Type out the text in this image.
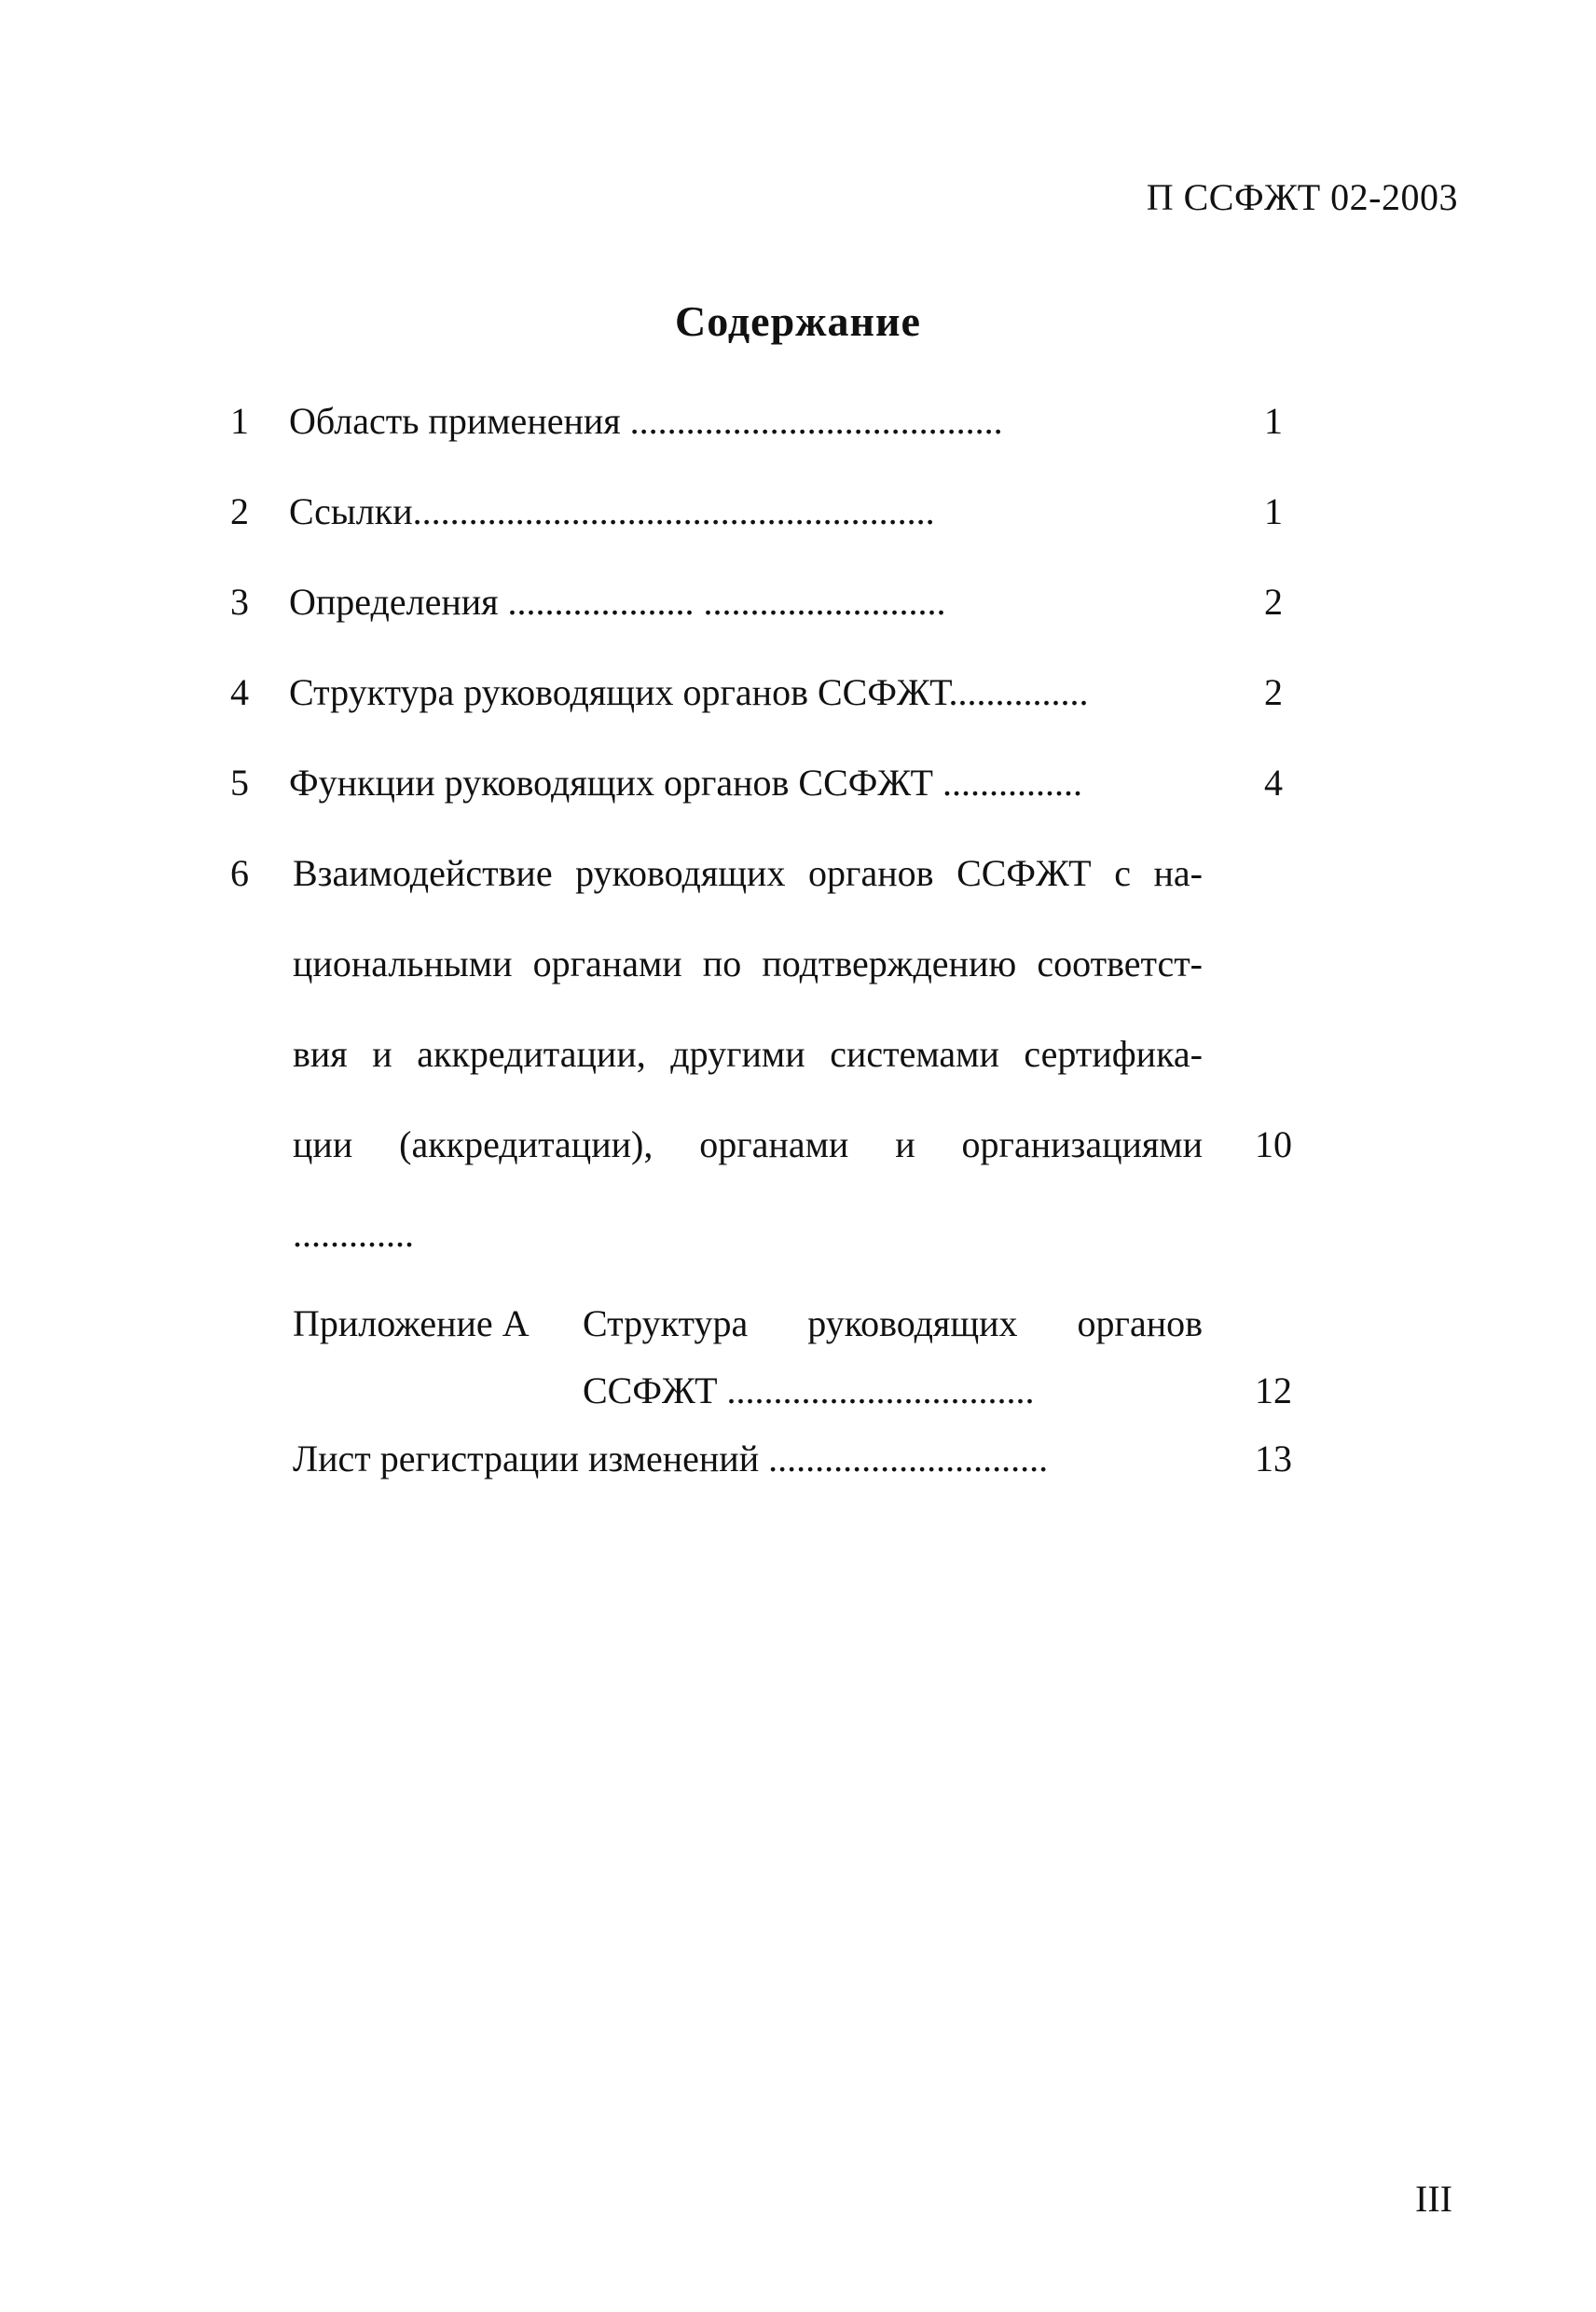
П ССФЖТ 02-2003
Содержание
1 Область применения ........................................	1
2 Ссылки........................................................	1
3 Определения .................... ..........................	2
4 Структура руководящих органов ССФЖТ...............	2
5 Функции руководящих органов ССФЖТ ...............	4
6 Взаимодействие руководящих органов ССФЖТ с на-
циональными органами по подтверждению соответст-
вия и аккредитации, другими системами сертифика-
ции (аккредитации), органами и организациями	10
.............
Приложение А Структура руководящих органов
ССФЖТ .................................	12
Лист регистрации изменений ..............................	13
III
